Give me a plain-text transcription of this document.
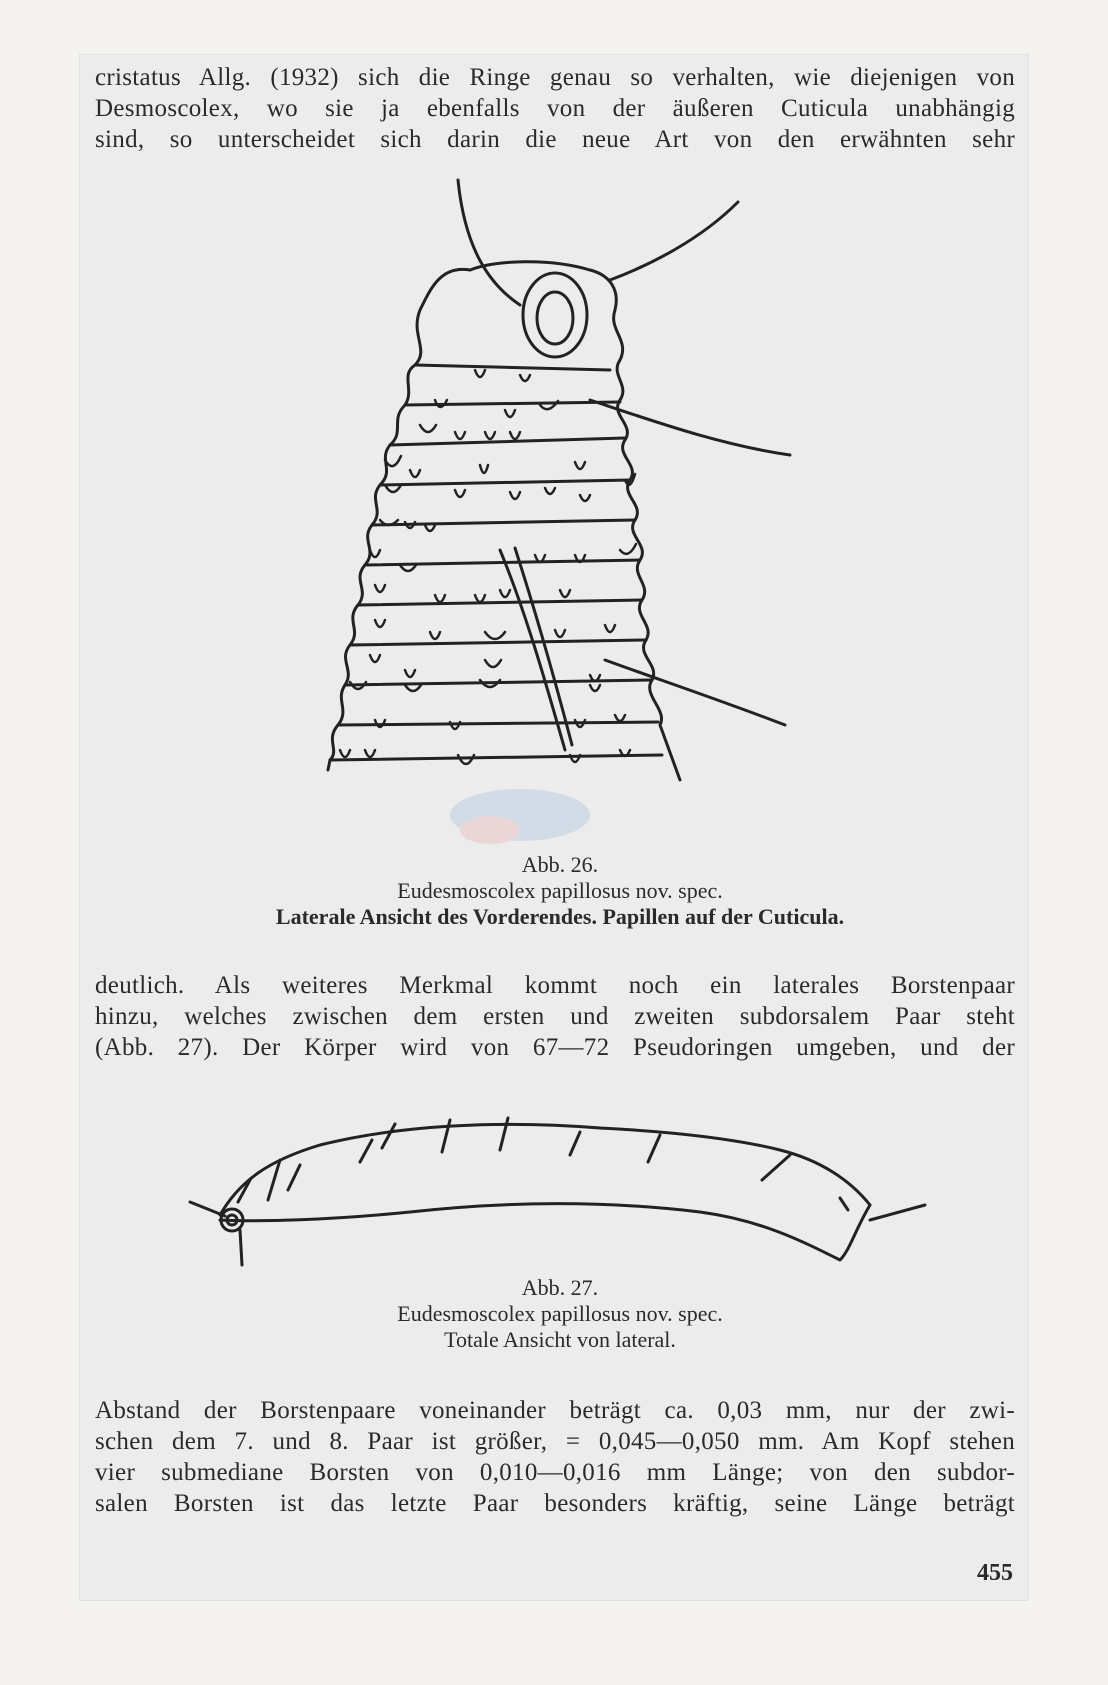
cristatus Allg. (1932) sich die Ringe genau so verhalten, wie diejenigen von
Desmoscolex, wo sie ja ebenfalls von der äußeren Cuticula unabhängig
sind, so unterscheidet sich darin die neue Art von den erwähnten sehr
Abb. 26.
Eudesmoscolex papillosus nov. spec.
Laterale Ansicht des Vorderendes. Papillen auf der Cuticula.
deutlich. Als weiteres Merkmal kommt noch ein laterales Borstenpaar
hinzu, welches zwischen dem ersten und zweiten subdorsalem Paar steht
(Abb. 27). Der Körper wird von 67—72 Pseudoringen umgeben, und der
Abb. 27.
Eudesmoscolex papillosus nov. spec.
Totale Ansicht von lateral.
Abstand der Borstenpaare voneinander beträgt ca. 0,03 mm, nur der zwi-
schen dem 7. und 8. Paar ist größer, = 0,045—0,050 mm. Am Kopf stehen
vier submediane Borsten von 0,010—0,016 mm Länge; von den subdor-
salen Borsten ist das letzte Paar besonders kräftig, seine Länge beträgt
455
